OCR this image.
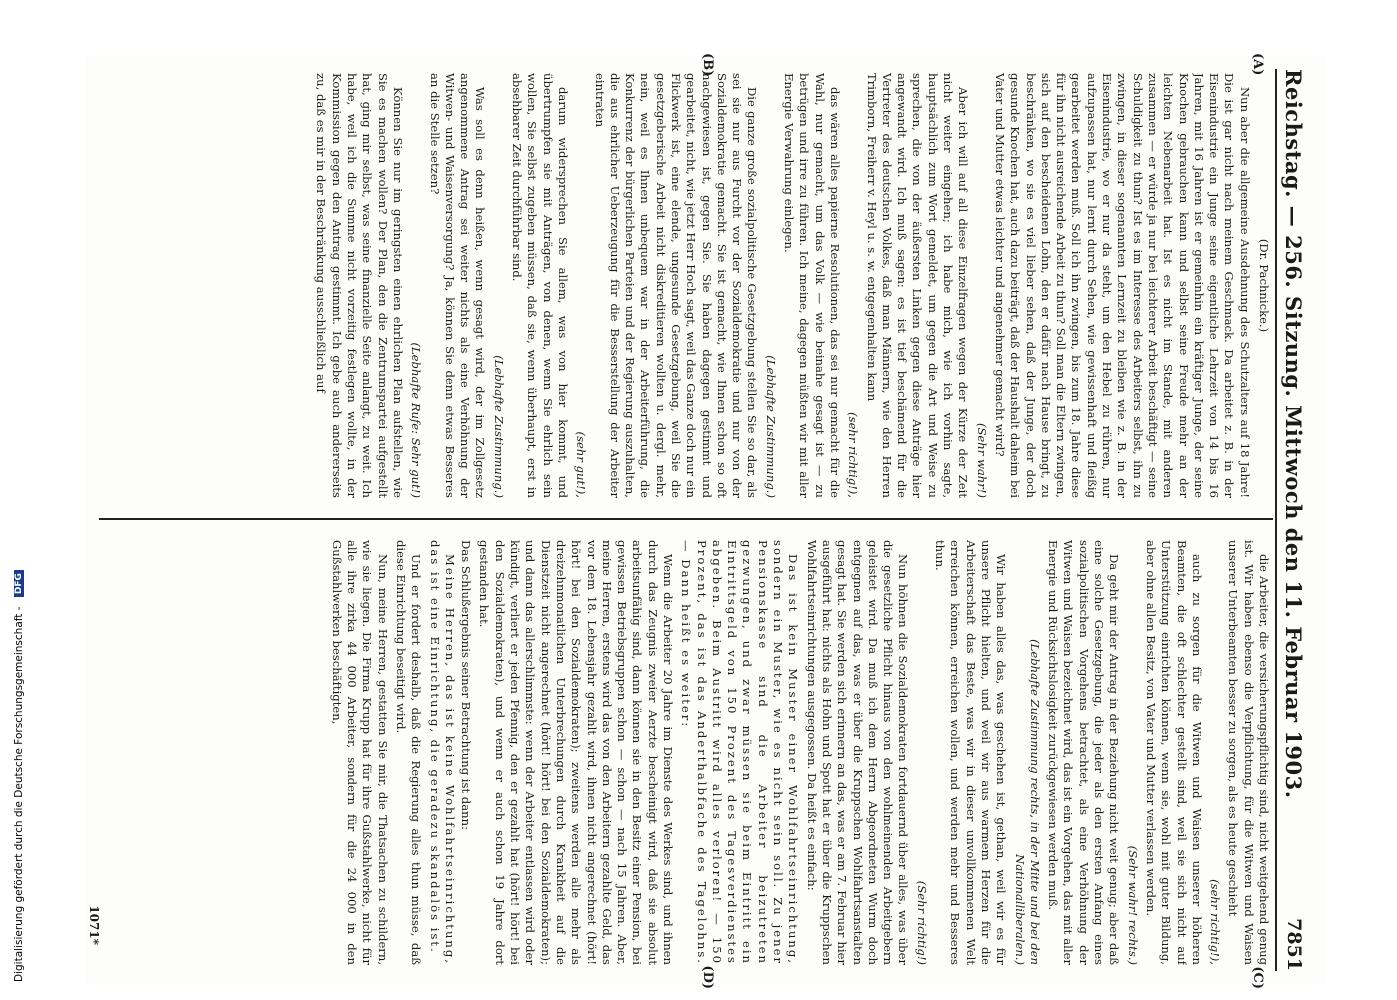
Reichstag. — 256. Sitzung. Mittwoch den 11. Februar 1903.
7851
(A)
(B)
(C)
(D)

(Dr. Pachnicke.)

Nun aber die allgemeine Ausdehnung des Schutzalters auf 18 Jahre! Die ist gar nicht nach meinem Geschmack. Da arbeitet z. B. in der Eisenindustrie ein Junge seine eigentliche Lehrzeit von 14 bis 16 Jahren, mit 16 Jahren ist er gemeinhin ein kräftiger Junge, der seine Knochen gebrauchen kann und selbst seine Freude mehr an der leichten Nebenarbeit hat. Ist es nicht im Stande, mit anderen zusammen — er würde ja nur bei leichterer Arbeit beschäftigt — seine Schuldigkeit zu thun? Ist es im Interesse des Arbeiters selbst, ihn zu zwingen, in dieser sogenannten Lernzeit zu bleiben wie z. B. in der Eisenindustrie, wo er nur da steht, um den Hebel zu rühren, nur aufzupassen hat, nur lernt durch Sehen, wie gewissenhaft und fleißig gearbeitet werden muß. Soll ich ihn zwingen, bis zum 18. Jahre diese für ihn nicht ausreichende Arbeit zu thun? Soll man die Eltern zwingen, sich auf den bescheidenen Lohn, den er dafür nach Hause bringt, zu beschränken, wo sie es viel lieber sehen, daß der Junge, der doch gesunde Knochen hat, auch dazu beiträgt, daß der Haushalt daheim bei Vater und Mutter etwas leichter und angenehmer gemacht wird?

(Sehr wahr!)

Aber ich will auf all diese Einzelfragen wegen der Kürze der Zeit nicht weiter eingehen; ich habe mich, wie ich vorhin sagte, hauptsächlich zum Wort gemeldet, um gegen die Art und Weise zu sprechen, die von der äußersten Linken gegen diese Anträge hier angewandt wird. Ich muß sagen: es ist tief beschämend für die Vertreter des deutschen Volkes, daß man Männern, wie den Herren Trimborn, Freiherr v. Heyl u. s. w. entgegenhalten kann

(sehr richtig!),

das wären alles papierne Resolutionen, das sei nur gemacht für die Wahl, nur gemacht, um das Volk — wie beinahe gesagt ist — zu betrügen und irre zu führen. Ich meine, dagegen müßten wir mit aller Energie Verwahrung einlegen.

(Lebhafte Zustimmung.)

Die ganze große sozialpolitische Gesetzgebung stellen Sie so dar, als sei sie nur aus Furcht vor der Sozialdemokratie und nur von der Sozialdemokratie gemacht. Sie ist gemacht, wie Ihnen schon so oft nachgewiesen ist, gegen Sie. Sie haben dagegen gestimmt und gearbeitet, nicht, wie jetzt Herr Hoch sagt, weil das Ganze doch nur ein Flickwerk ist, eine elende, ungesunde Gesetzgebung, weil Sie die gesetzgeberische Arbeit nicht diskreditieren wollten u. dergl. mehr, nein, weil es Ihnen unbequem war in der Arbeiterführung, die Konkurrenz der bürgerlichen Parteien und der Regierung auszuhalten, die aus ehrlicher Ueberzeugung für die Besserstellung der Arbeiter eintraten

(sehr gut!),

darum widersprechen Sie allem, was von hier kommt, und übertrumpfen sie mit Anträgen, von denen, wenn Sie ehrlich sein wollen, Sie selbst zugeben müssen, daß sie, wenn überhaupt, erst in absehbarer Zeit durchführbar sind.

(Lebhafte Zustimmung.)

Was soll es denn heißen, wenn gesagt wird, der im Zollgesetz angenommene Antrag sei weiter nichts als eine Verhöhnung der Witwen- und Waisenversorgung? Ja, können Sie denn etwas Besseres an die Stelle setzen?

(Lebhafte Rufe: Sehr gut!)

Können Sie nur im geringsten einen ehrlichen Plan aufstellen, wie Sie es machen wollen? Der Plan, den die Zentrumspartei aufgestellt hat, ging mir selbst, was seine finanzielle Seite anlangt, zu weit. Ich habe, weil ich die Summe nicht vorzeitig festlegen wollte, in der Kommission gegen den Antrag gestimmt. Ich gebe auch andererseits zu, daß es mir in der Beschränkung ausschließlich auf

die Arbeiter, die versicherungspflichtig sind, nicht weitgehend genug ist. Wir haben ebenso die Verpflichtung, für die Witwen und Waisen unserer Unterbeamten besser zu sorgen, als es heute geschieht

(sehr richtig!),

auch zu sorgen für die Witwen und Waisen unserer höheren Beamten, die oft schlechter gestellt sind, weil sie sich nicht auf Unterstützung einrichten können, wenn sie, wohl mit guter Bildung, aber ohne allen Besitz, von Vater und Mutter verlassen werden.

(Sehr wahr! rechts.)

Da geht mir der Antrag in der Beziehung nicht weit genug; aber daß eine solche Gesetzgebung, die jeder als den ersten Anfang eines sozialpolitischen Vorgehens betrachtet, als eine Verhöhnung der Witwen und Waisen bezeichnet wird, das ist ein Vorgehen, das mit aller Energie und Rücksichtslosigkeit zurückgewiesen werden muß.

(Lebhafte Zustimmung rechts, in der Mitte und bei den Nationalliberalen.)

Wir haben alles das, was geschehen ist, gethan, weil wir es für unsere Pflicht hielten, und weil wir aus warmem Herzen für die Arbeiterschaft das Beste, was wir in dieser unvollkommenen Welt erreichen können, erreichen wollen, und werden mehr und Besseres thun.

(Sehr richtig!)

Nun höhnen die Sozialdemokraten fortdauernd über alles, was über die gesetzliche Pflicht hinaus von den wohlmeinenden Arbeitgebern geleistet wird. Da muß ich dem Herrn Abgeordneten Wurm doch entgegnen auf das, was er über die Kruppschen Wohlfahrtsanstalten gesagt hat. Sie werden sich erinnern an das, was er am 7. Februar hier ausgeführt hat: nichts als Hohn und Spott hat er über die Kruppschen Wohlfahrtseinrichtungen ausgegossen. Da heißt es einfach:

Das ist kein Muster einer Wohlfahrtseinrichtung, sondern ein Muster, wie es nicht sein soll. Zu jener Pensionskasse sind die Arbeiter beizutreten gezwungen, und zwar müssen sie beim Eintritt ein Eintrittsgeld von 150 Prozent des Tagesverdienstes abgeben. Beim Austritt wird alles verloren! — 150 Prozent, das ist das Anderthalbfache des Tagelohns. — Dann heißt es weiter:

Wenn die Arbeiter 20 Jahre im Dienste des Werkes sind, und ihnen durch das Zeugnis zweier Aerzte bescheinigt wird, daß sie absolut arbeitsunfähig sind, dann können sie in den Besitz einer Pension, bei gewissen Betriebsgruppen schon — schon — nach 15 Jahren. Aber, meine Herren, erstens wird das von den Arbeitern gezahlte Geld, das vor dem 18. Lebensjahr gezahlt wird, ihnen nicht angerechnet (hört! hört! bei den Sozialdemokraten); zweitens werden alle mehr als dreizehnmonatlichen Unterbrechungen durch Krankheit auf die Dienstzeit nicht angerechnet (hört! hört! bei den Sozialdemokraten); und dann das allerschlimmste: wenn der Arbeiter entlassen wird oder kündigt, verliert er jeden Pfennig, den er gezahlt hat (hört! hört! bei den Sozialdemokraten), und wenn er auch schon 19 Jahre dort gestanden hat.

Das Schlußergebnis seiner Betrachtung ist dann:

Meine Herren, das ist keine Wohlfahrtseinrichtung, das ist eine Einrichtung, die geradezu skandalös ist.

Und er fordert deshalb, daß die Regierung alles thun müsse, daß diese Einrichtung beseitigt wird.

Nun, meine Herren, gestatten Sie mir, die Thatsachen zu schildern, wie sie liegen. Die Firma Krupp hat für ihre Gußstahlwerke, nicht für alle ihre zirka 44 000 Arbeiter, sondern für die 24 000 in den Gußstahlwerken beschäftigten,

1071*
Digitalisierung gefördert durch die Deutsche Forschungsgemeinschaft - DFG
